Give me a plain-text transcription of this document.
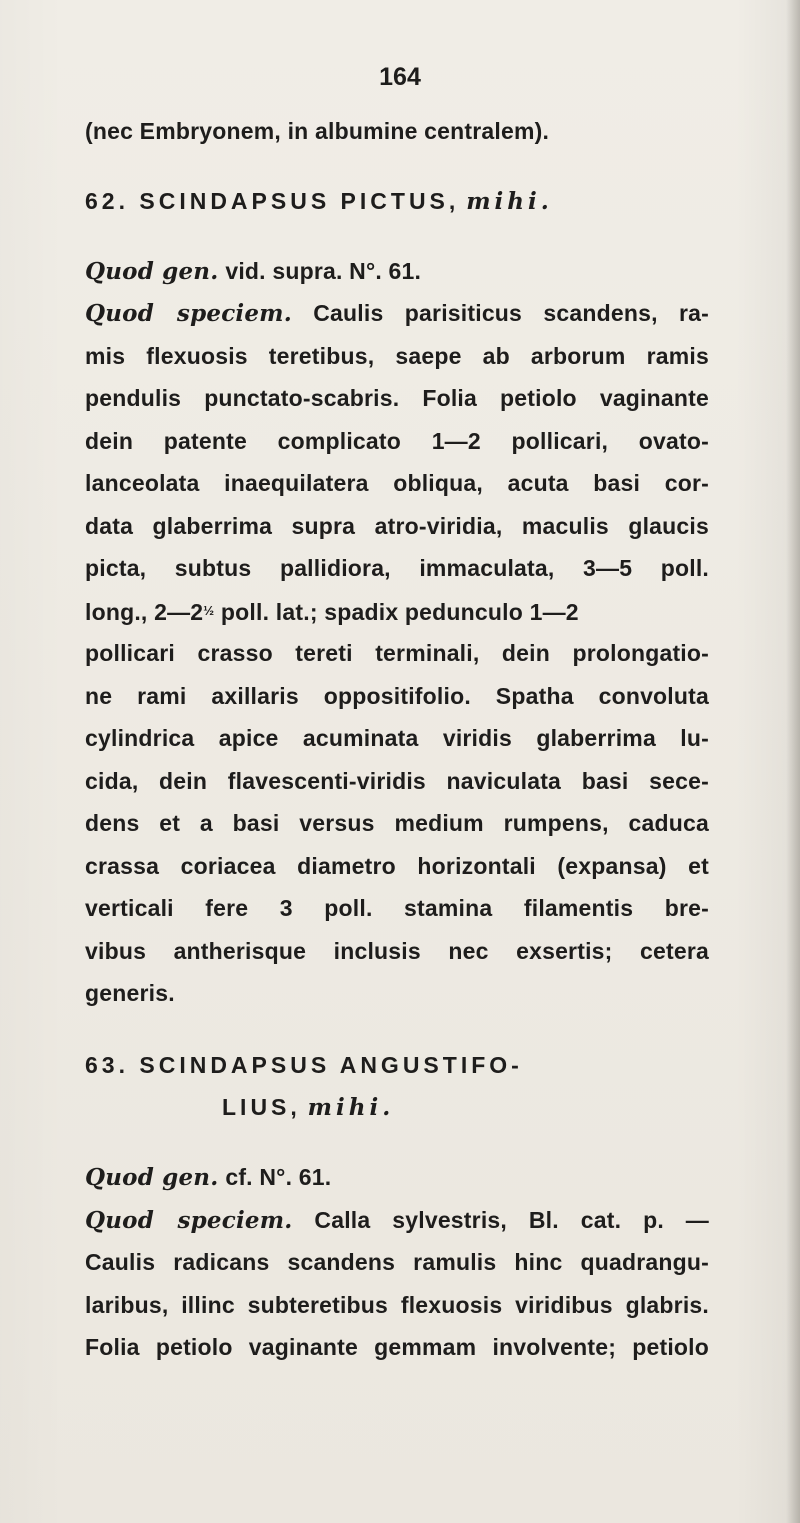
164
(nec Embryonem, in albumine centralem).
62. SCINDAPSUS PICTUS, mihi.
Quod gen. vid. supra. N°. 61.
Quod speciem. Caulis parisiticus scandens, ra-
mis flexuosis teretibus, saepe ab arborum ramis
pendulis punctato-scabris. Folia petiolo vaginante
dein patente complicato 1—2 pollicari, ovato-
lanceolata inaequilatera obliqua, acuta basi cor-
data glaberrima supra atro-viridia, maculis glaucis
picta, subtus pallidiora, immaculata, 3—5 poll.
long., $2—2^{\frac{1}{2}}$ poll. lat.; spadix pedunculo 1—2
pollicari crasso tereti terminali, dein prolongatio-
ne rami axillaris oppositifolio. Spatha convoluta
cylindrica apice acuminata viridis glaberrima lu-
cida, dein flavescenti-viridis naviculata basi sece-
dens et a basi versus medium rumpens, caduca
crassa coriacea diametro horizontali (expansa) et
verticali fere 3 poll. stamina filamentis bre-
vibus antherisque inclusis nec exsertis; cetera
generis.
63. SCINDAPSUS ANGUSTIFO-
LIUS, mihi.
Quod gen. cf. N°. 61.
Quod speciem. Calla sylvestris, Bl. cat. p. —
Caulis radicans scandens ramulis hinc quadrangu-
laribus, illinc subteretibus flexuosis viridibus glabris.
Folia petiolo vaginante gemmam involvente; petiolo
